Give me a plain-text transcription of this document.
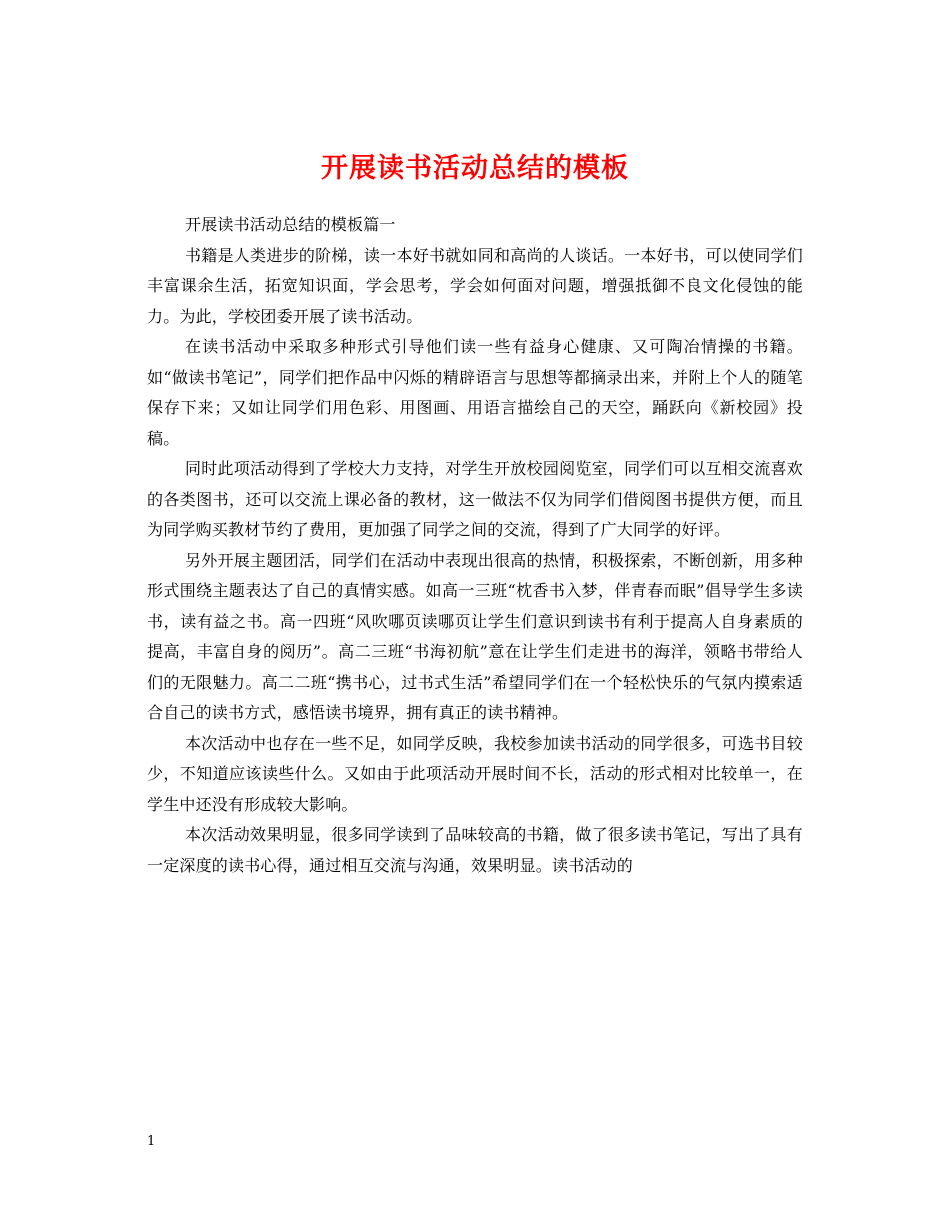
开展读书活动总结的模板

开展读书活动总结的模板篇一

书籍是人类进步的阶梯，读一本好书就如同和高尚的人谈话。一本好书，可以使同学们丰富课余生活，拓宽知识面，学会思考，学会如何面对问题，增强抵御不良文化侵蚀的能力。为此，学校团委开展了读书活动。

在读书活动中采取多种形式引导他们读一些有益身心健康、又可陶冶情操的书籍。如“做读书笔记”，同学们把作品中闪烁的精辟语言与思想等都摘录出来，并附上个人的随笔保存下来；又如让同学们用色彩、用图画、用语言描绘自己的天空，踊跃向《新校园》投稿。

同时此项活动得到了学校大力支持，对学生开放校园阅览室，同学们可以互相交流喜欢的各类图书，还可以交流上课必备的教材，这一做法不仅为同学们借阅图书提供方便，而且为同学购买教材节约了费用，更加强了同学之间的交流，得到了广大同学的好评。

另外开展主题团活，同学们在活动中表现出很高的热情，积极探索，不断创新，用多种形式围绕主题表达了自己的真情实感。如高一三班“枕香书入梦，伴青春而眠”倡导学生多读书，读有益之书。高一四班“风吹哪页读哪页让学生们意识到读书有利于提高人自身素质的提高，丰富自身的阅历”。高二三班“书海初航”意在让学生们走进书的海洋，领略书带给人们的无限魅力。高二二班“携书心，过书式生活”希望同学们在一个轻松快乐的气氛内摸索适合自己的读书方式，感悟读书境界，拥有真正的读书精神。

本次活动中也存在一些不足，如同学反映，我校参加读书活动的同学很多，可选书目较少，不知道应该读些什么。又如由于此项活动开展时间不长，活动的形式相对比较单一，在学生中还没有形成较大影响。

本次活动效果明显，很多同学读到了品味较高的书籍，做了很多读书笔记，写出了具有一定深度的读书心得，通过相互交流与沟通，效果明显。读书活动的

1
